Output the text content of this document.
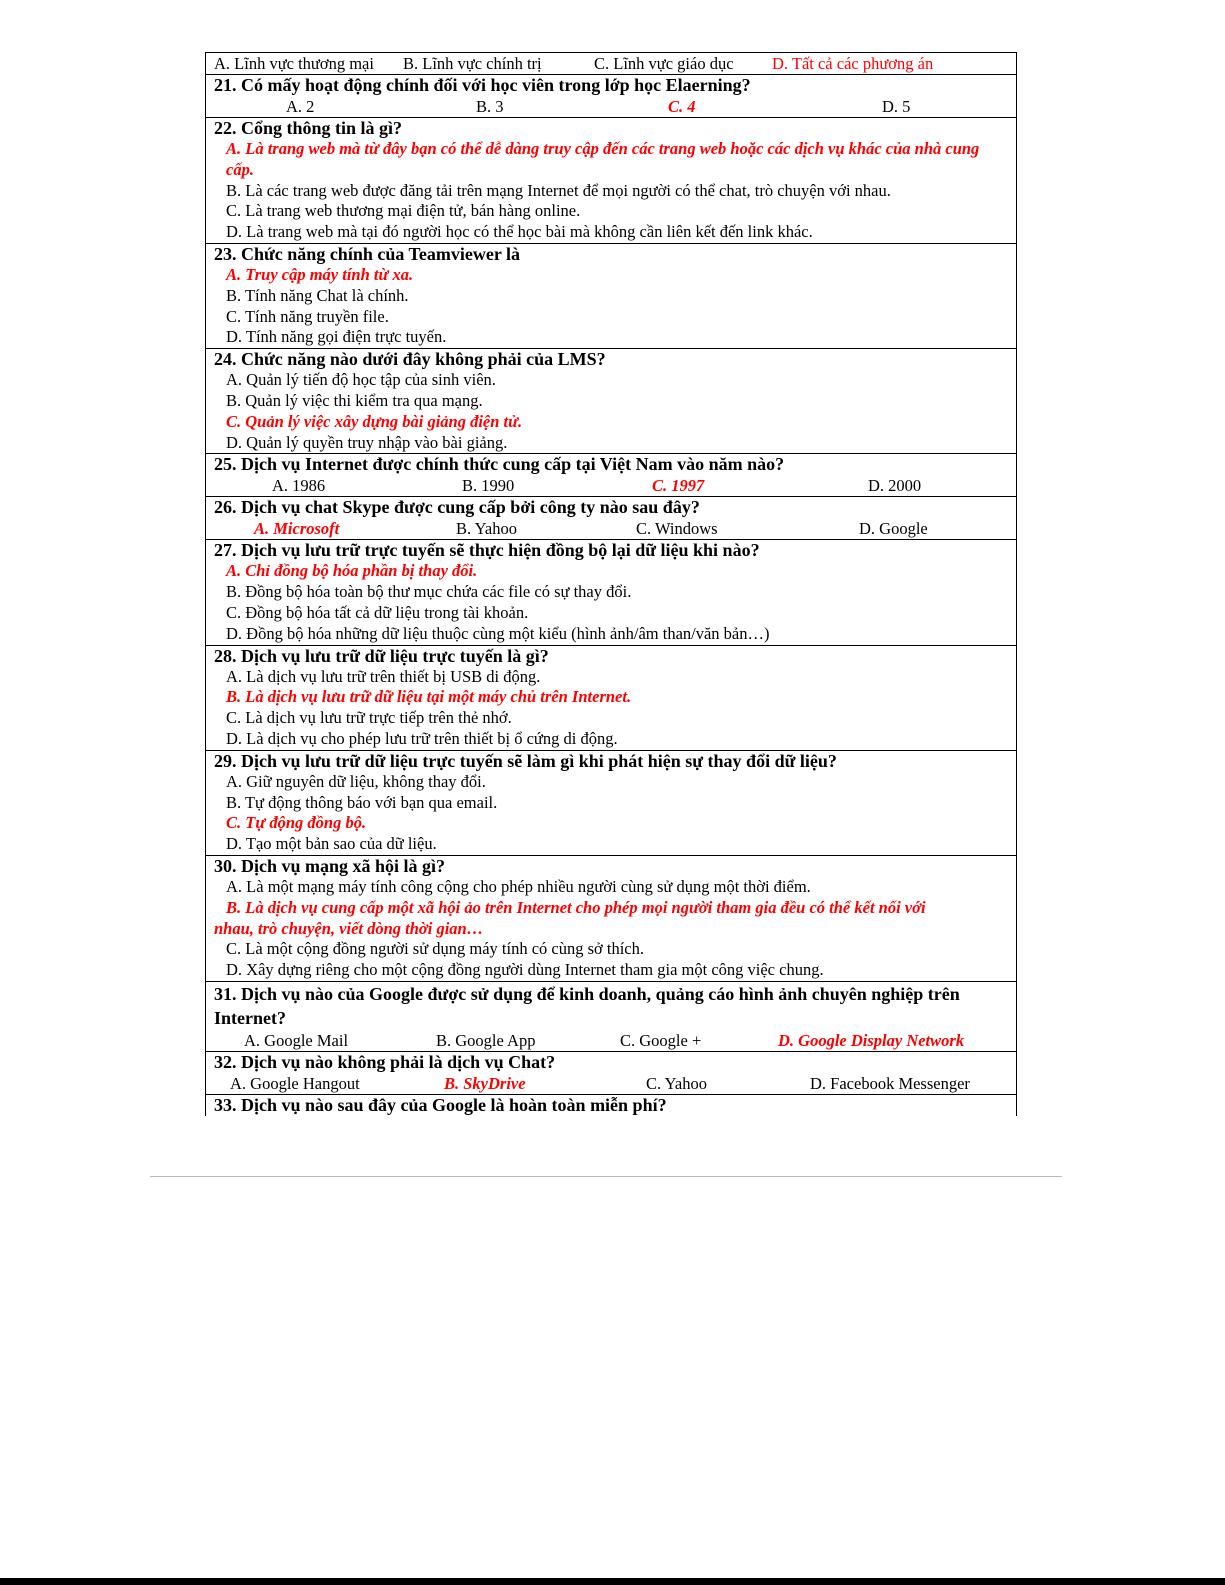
A. Lĩnh vực thương mại B. Lĩnh vực chính trị	C. Lĩnh vực giáo dục D. Tất cả các phương án
21. Có mấy hoạt động chính đối với học viên trong lớp học Elaerning?
A. 2	B. 3	C. 4	D. 5
22. Cổng thông tin là gì?
A. Là trang web mà từ đây bạn có thể dễ dàng truy cập đến các trang web hoặc các dịch vụ khác của nhà cung cấp.
B. Là các trang web được đăng tải trên mạng Internet để mọi người có thể chat, trò chuyện với nhau.
C. Là trang web thương mại điện tử, bán hàng online.
D. Là trang web mà tại đó người học có thể học bài mà không cần liên kết đến link khác.
23. Chức năng chính của Teamviewer là
A. Truy cập máy tính từ xa.
B. Tính năng Chat là chính.
C. Tính năng truyền file.
D. Tính năng gọi điện trực tuyến.
24. Chức năng nào dưới đây không phải của LMS?
A. Quản lý tiến độ học tập của sinh viên.
B. Quản lý việc thi kiểm tra qua mạng.
C. Quản lý việc xây dựng bài giảng điện tử.
D. Quản lý quyền truy nhập vào bài giảng.
25. Dịch vụ Internet được chính thức cung cấp tại Việt Nam vào năm nào?
A. 1986	B. 1990	C. 1997	D. 2000
26. Dịch vụ chat Skype được cung cấp bởi công ty nào sau đây?
A. Microsoft	B. Yahoo	C. Windows	D. Google
27. Dịch vụ lưu trữ trực tuyến sẽ thực hiện đồng bộ lại dữ liệu khi nào?
A. Chỉ đồng bộ hóa phần bị thay đổi.
B. Đồng bộ hóa toàn bộ thư mục chứa các file có sự thay đổi.
C. Đồng bộ hóa tất cả dữ liệu trong tài khoản.
D. Đồng bộ hóa những dữ liệu thuộc cùng một kiểu (hình ảnh/âm than/văn bản…)
28. Dịch vụ lưu trữ dữ liệu trực tuyến là gì?
A. Là dịch vụ lưu trữ trên thiết bị USB di động.
B. Là dịch vụ lưu trữ dữ liệu tại một máy chủ trên Internet.
C. Là dịch vụ lưu trữ trực tiếp trên thẻ nhớ.
D. Là dịch vụ cho phép lưu trữ trên thiết bị ổ cứng di động.
29. Dịch vụ lưu trữ dữ liệu trực tuyến sẽ làm gì khi phát hiện sự thay đổi dữ liệu?
A. Giữ nguyên dữ liệu, không thay đổi.
B. Tự động thông báo với bạn qua email.
C. Tự động đồng bộ.
D. Tạo một bản sao của dữ liệu.
30. Dịch vụ mạng xã hội là gì?
A. Là một mạng máy tính công cộng cho phép nhiều người cùng sử dụng một thời điểm.
B. Là dịch vụ cung cấp một xã hội ảo trên Internet cho phép mọi người tham gia đều có thể kết nối với
nhau, trò chuyện, viết dòng thời gian…
C. Là một cộng đồng người sử dụng máy tính có cùng sở thích.
D. Xây dựng riêng cho một cộng đồng người dùng Internet tham gia một công việc chung.
31. Dịch vụ nào của Google được sử dụng để kinh doanh, quảng cáo hình ảnh chuyên nghiệp trên Internet?
A. Google Mail	B. Google App	C. Google +	D. Google Display Network
32. Dịch vụ nào không phải là dịch vụ Chat?
A. Google Hangout	B. SkyDrive	C. Yahoo	D. Facebook Messenger
33. Dịch vụ nào sau đây của Google là hoàn toàn miễn phí?
